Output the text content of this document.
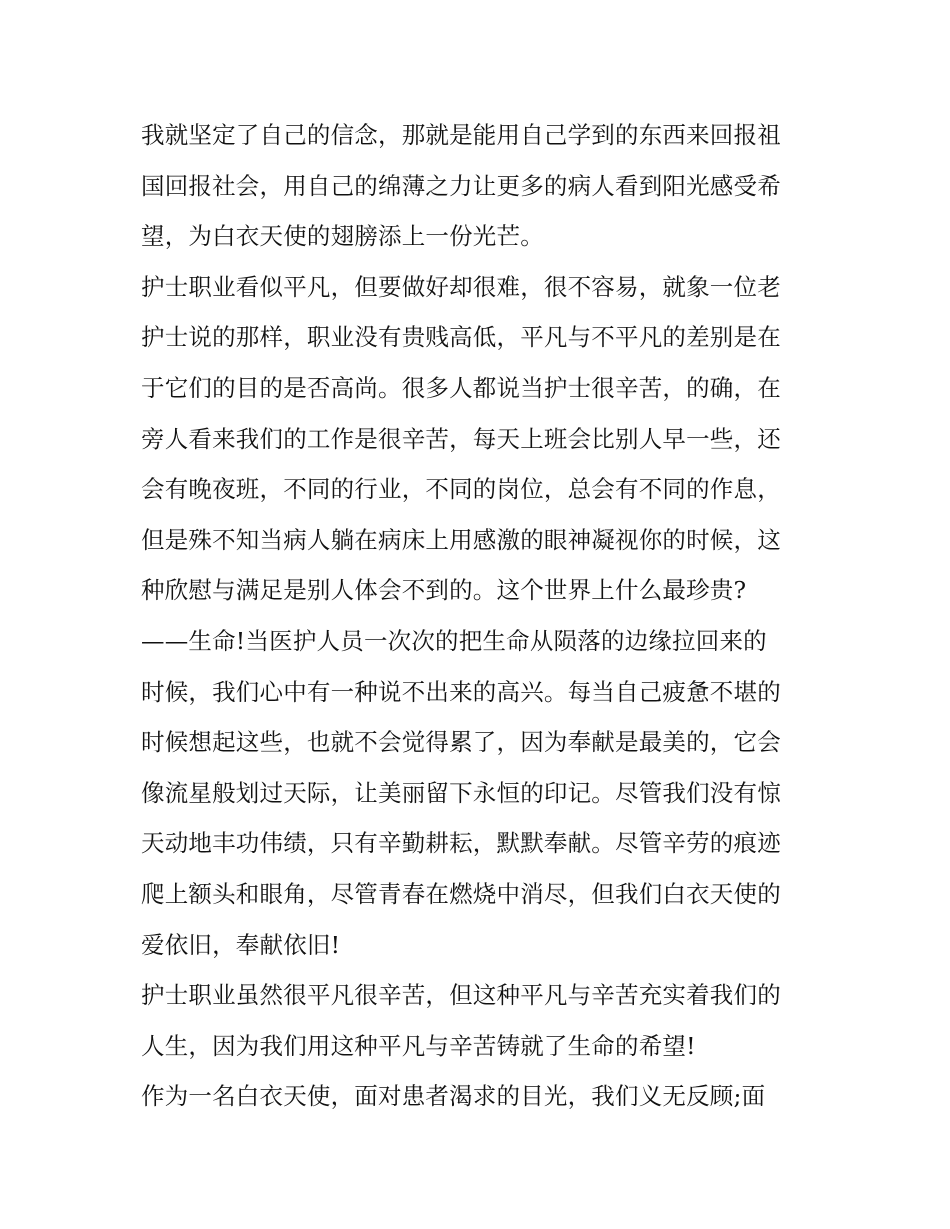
我就坚定了自己的信念，那就是能用自己学到的东西来回报祖
国回报社会，用自己的绵薄之力让更多的病人看到阳光感受希
望，为白衣天使的翅膀添上一份光芒。
护士职业看似平凡，但要做好却很难，很不容易，就象一位老
护士说的那样，职业没有贵贱高低，平凡与不平凡的差别是在
于它们的目的是否高尚。很多人都说当护士很辛苦，的确，在
旁人看来我们的工作是很辛苦，每天上班会比别人早一些，还
会有晚夜班，不同的行业，不同的岗位，总会有不同的作息，
但是殊不知当病人躺在病床上用感激的眼神凝视你的时候，这
种欣慰与满足是别人体会不到的。这个世界上什么最珍贵?
——生命!当医护人员一次次的把生命从陨落的边缘拉回来的
时候，我们心中有一种说不出来的高兴。每当自己疲惫不堪的
时候想起这些，也就不会觉得累了，因为奉献是最美的，它会
像流星般划过天际，让美丽留下永恒的印记。尽管我们没有惊
天动地丰功伟绩，只有辛勤耕耘，默默奉献。尽管辛劳的痕迹
爬上额头和眼角，尽管青春在燃烧中消尽，但我们白衣天使的
爱依旧，奉献依旧!
护士职业虽然很平凡很辛苦，但这种平凡与辛苦充实着我们的
人生，因为我们用这种平凡与辛苦铸就了生命的希望!
作为一名白衣天使，面对患者渴求的目光，我们义无反顾;面
